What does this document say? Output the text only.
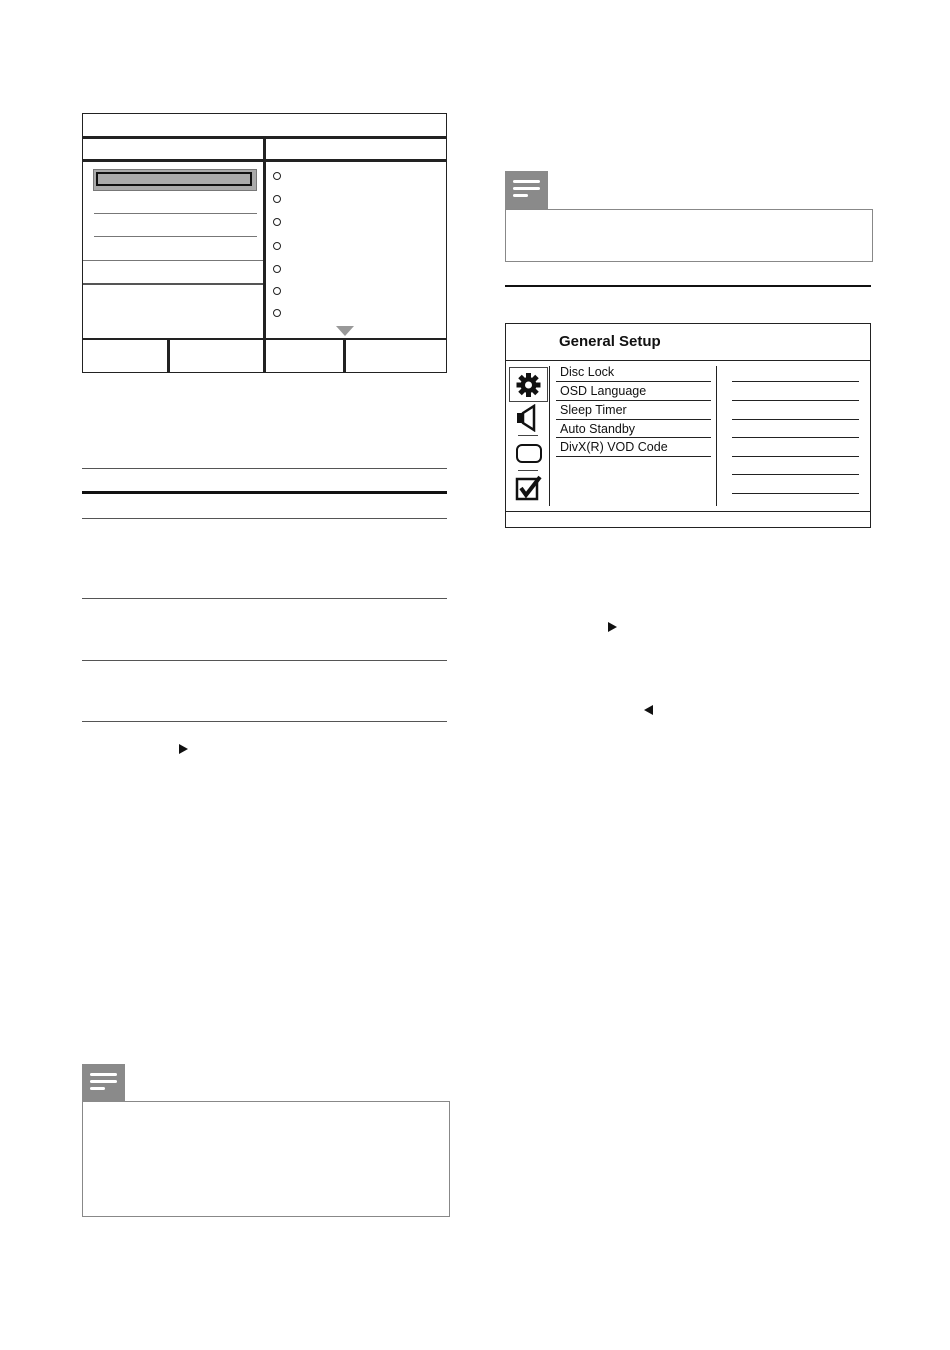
General Setup
Disc Lock
OSD Language
Sleep Timer
Auto Standby
DivX(R) VOD Code
